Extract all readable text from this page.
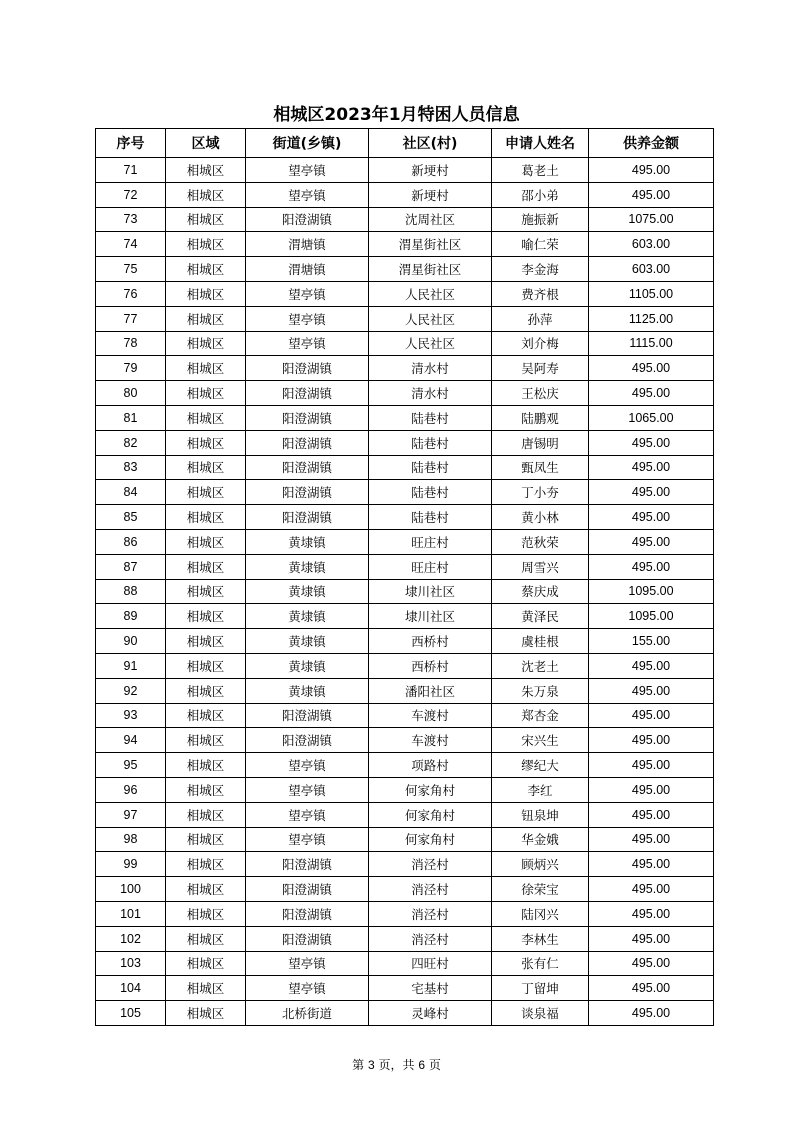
相城区2023年1月特困人员信息
序号	区域	街道(乡镇)	社区(村)	申请人姓名	供养金额
71	相城区	望亭镇	新埂村	葛老土	495.00
72	相城区	望亭镇	新埂村	邵小弟	495.00
73	相城区	阳澄湖镇	沈周社区	施振新	1075.00
74	相城区	渭塘镇	渭星街社区	喻仁荣	603.00
75	相城区	渭塘镇	渭星街社区	李金海	603.00
76	相城区	望亭镇	人民社区	费齐根	1105.00
77	相城区	望亭镇	人民社区	孙萍	1125.00
78	相城区	望亭镇	人民社区	刘介梅	1115.00
79	相城区	阳澄湖镇	清水村	吴阿寿	495.00
80	相城区	阳澄湖镇	清水村	王松庆	495.00
81	相城区	阳澄湖镇	陆巷村	陆鹏观	1065.00
82	相城区	阳澄湖镇	陆巷村	唐锡明	495.00
83	相城区	阳澄湖镇	陆巷村	甄凤生	495.00
84	相城区	阳澄湖镇	陆巷村	丁小夯	495.00
85	相城区	阳澄湖镇	陆巷村	黄小林	495.00
86	相城区	黄埭镇	旺庄村	范秋荣	495.00
87	相城区	黄埭镇	旺庄村	周雪兴	495.00
88	相城区	黄埭镇	埭川社区	蔡庆成	1095.00
89	相城区	黄埭镇	埭川社区	黄泽民	1095.00
90	相城区	黄埭镇	西桥村	虞桂根	155.00
91	相城区	黄埭镇	西桥村	沈老土	495.00
92	相城区	黄埭镇	潘阳社区	朱万泉	495.00
93	相城区	阳澄湖镇	车渡村	郑杏金	495.00
94	相城区	阳澄湖镇	车渡村	宋兴生	495.00
95	相城区	望亭镇	项路村	缪纪大	495.00
96	相城区	望亭镇	何家角村	李红	495.00
97	相城区	望亭镇	何家角村	钮泉坤	495.00
98	相城区	望亭镇	何家角村	华金娥	495.00
99	相城区	阳澄湖镇	消泾村	顾炳兴	495.00
100	相城区	阳澄湖镇	消泾村	徐荣宝	495.00
101	相城区	阳澄湖镇	消泾村	陆冈兴	495.00
102	相城区	阳澄湖镇	消泾村	李林生	495.00
103	相城区	望亭镇	四旺村	张有仁	495.00
104	相城区	望亭镇	宅基村	丁留坤	495.00
105	相城区	北桥街道	灵峰村	谈泉福	495.00
第 3 页，共 6 页
